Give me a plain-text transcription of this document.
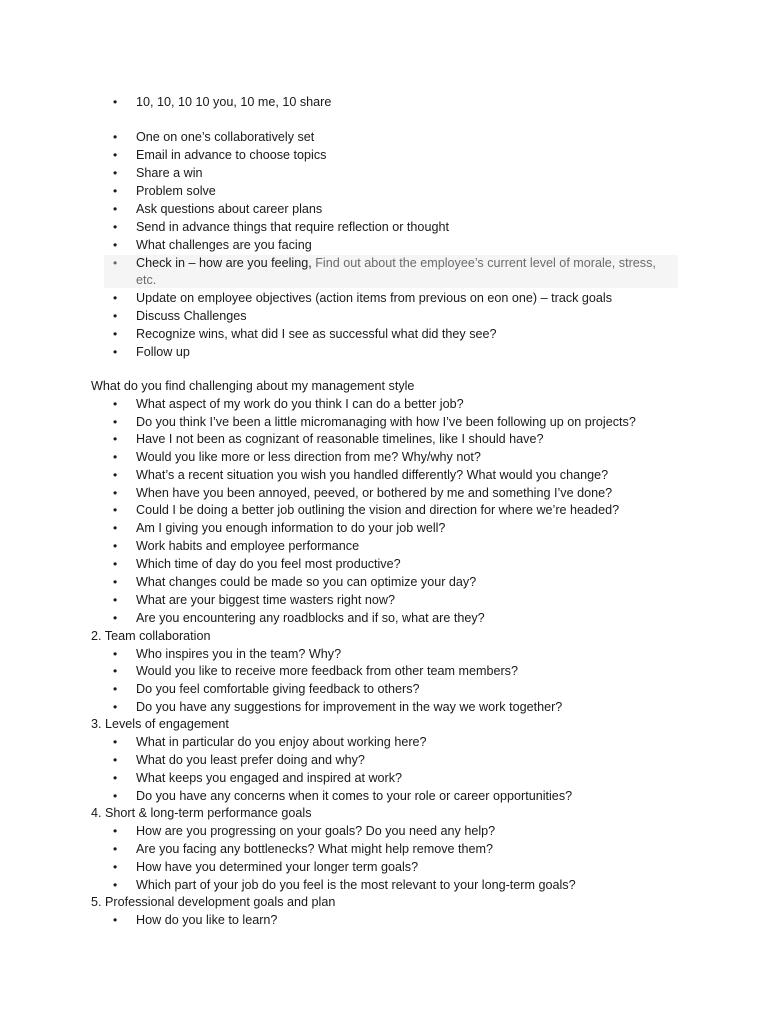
• 10, 10, 10 10 you, 10 me, 10 share
• One on one’s collaboratively set
• Email in advance to choose topics
• Share a win
• Problem solve
• Ask questions about career plans
• Send in advance things that require reflection or thought
• What challenges are you facing
• Check in – how are you feeling, Find out about the employee’s current level of morale, stress,
etc.
• Update on employee objectives (action items from previous on eon one) – track goals
• Discuss Challenges
• Recognize wins, what did I see as successful what did they see?
• Follow up
What do you find challenging about my management style
• What aspect of my work do you think I can do a better job?
• Do you think I’ve been a little micromanaging with how I’ve been following up on projects?
• Have I not been as cognizant of reasonable timelines, like I should have?
• Would you like more or less direction from me? Why/why not?
• What’s a recent situation you wish you handled differently? What would you change?
• When have you been annoyed, peeved, or bothered by me and something I’ve done?
• Could I be doing a better job outlining the vision and direction for where we’re headed?
• Am I giving you enough information to do your job well?
• Work habits and employee performance
• Which time of day do you feel most productive?
• What changes could be made so you can optimize your day?
• What are your biggest time wasters right now?
• Are you encountering any roadblocks and if so, what are they?
2. Team collaboration
• Who inspires you in the team? Why?
• Would you like to receive more feedback from other team members?
• Do you feel comfortable giving feedback to others?
• Do you have any suggestions for improvement in the way we work together?
3. Levels of engagement
• What in particular do you enjoy about working here?
• What do you least prefer doing and why?
• What keeps you engaged and inspired at work?
• Do you have any concerns when it comes to your role or career opportunities?
4. Short & long-term performance goals
• How are you progressing on your goals? Do you need any help?
• Are you facing any bottlenecks? What might help remove them?
• How have you determined your longer term goals?
• Which part of your job do you feel is the most relevant to your long-term goals?
5. Professional development goals and plan
• How do you like to learn?
